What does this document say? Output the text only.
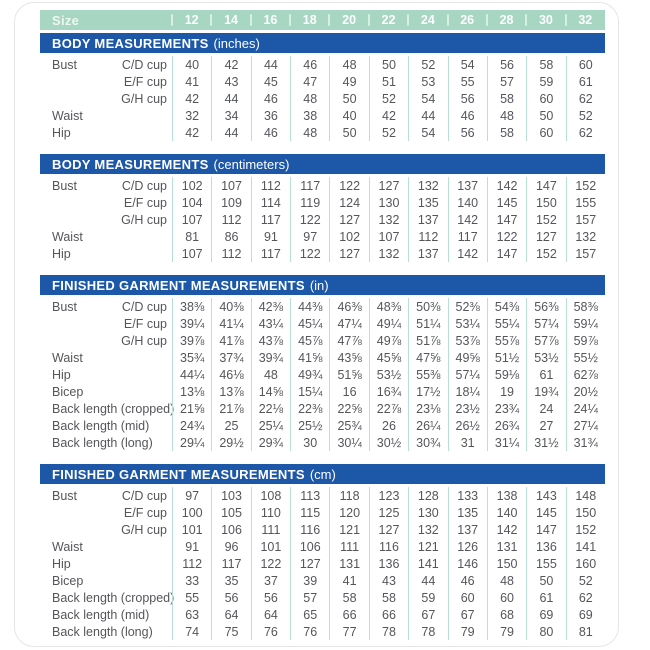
Size	12	14	16	18	20	22	24	26	28	30	32
BODY MEASUREMENTS (inches)
Bust	C/D cup	40	42	44	46	48	50	52	54	56	58	60
E/F cup	41	43	45	47	49	51	53	55	57	59	61
G/H cup	42	44	46	48	50	52	54	56	58	60	62
Waist	32	34	36	38	40	42	44	46	48	50	52
Hip	42	44	46	48	50	52	54	56	58	60	62
BODY MEASUREMENTS (centimeters)
Bust	C/D cup	102	107	112	117	122	127	132	137	142	147	152
E/F cup	104	109	114	119	124	130	135	140	145	150	155
G/H cup	107	112	117	122	127	132	137	142	147	152	157
Waist	81	86	91	97	102	107	112	117	122	127	132
Hip	107	112	117	122	127	132	137	142	147	152	157
FINISHED GARMENT MEASUREMENTS (in)
Bust	C/D cup	38⅜	40⅜	42⅜	44⅜	46⅜	48⅜	50⅜	52⅜	54⅜	56⅜	58⅜
E/F cup	39¼	41¼	43¼	45¼	47¼	49¼	51¼	53¼	55¼	57¼	59¼
G/H cup	39⅞	41⅞	43⅞	45⅞	47⅞	49⅞	51⅞	53⅞	55⅞	57⅞	59⅞
Waist	35¾	37¾	39¾	41⅝	43⅝	45⅝	47⅝	49⅝	51½	53½	55½
Hip	44¼	46⅛	48	49¾	51⅝	53½	55⅜	57¼	59⅛	61	62⅞
Bicep	13⅛	13⅞	14⅝	15¼	16	16¾	17½	18¼	19	19¾	20½
Back length (cropped) 21⅝	21⅞	22⅛	22⅜	22⅝	22⅞	23⅛	23½	23¾	24	24¼
Back length (mid)	24¾	25	25¼	25½	25¾	26	26¼	26½	26¾	27	27¼
Back length (long)	29¼	29½	29¾	30	30¼	30½	30¾	31	31¼	31½	31¾
FINISHED GARMENT MEASUREMENTS (cm)
Bust	C/D cup	97	103	108	113	118	123	128	133	138	143	148
E/F cup	100	105	110	115	120	125	130	135	140	145	150
G/H cup	101	106	111	116	121	127	132	137	142	147	152
Waist	91	96	101	106	111	116	121	126	131	136	141
Hip	112	117	122	127	131	136	141	146	150	155	160
Bicep	33	35	37	39	41	43	44	46	48	50	52
Back length (cropped) 55	56	56	57	58	58	59	60	60	61	62
Back length (mid)	63	64	64	65	66	66	67	67	68	69	69
Back length (long)	74	75	76	76	77	78	78	79	79	80	81
